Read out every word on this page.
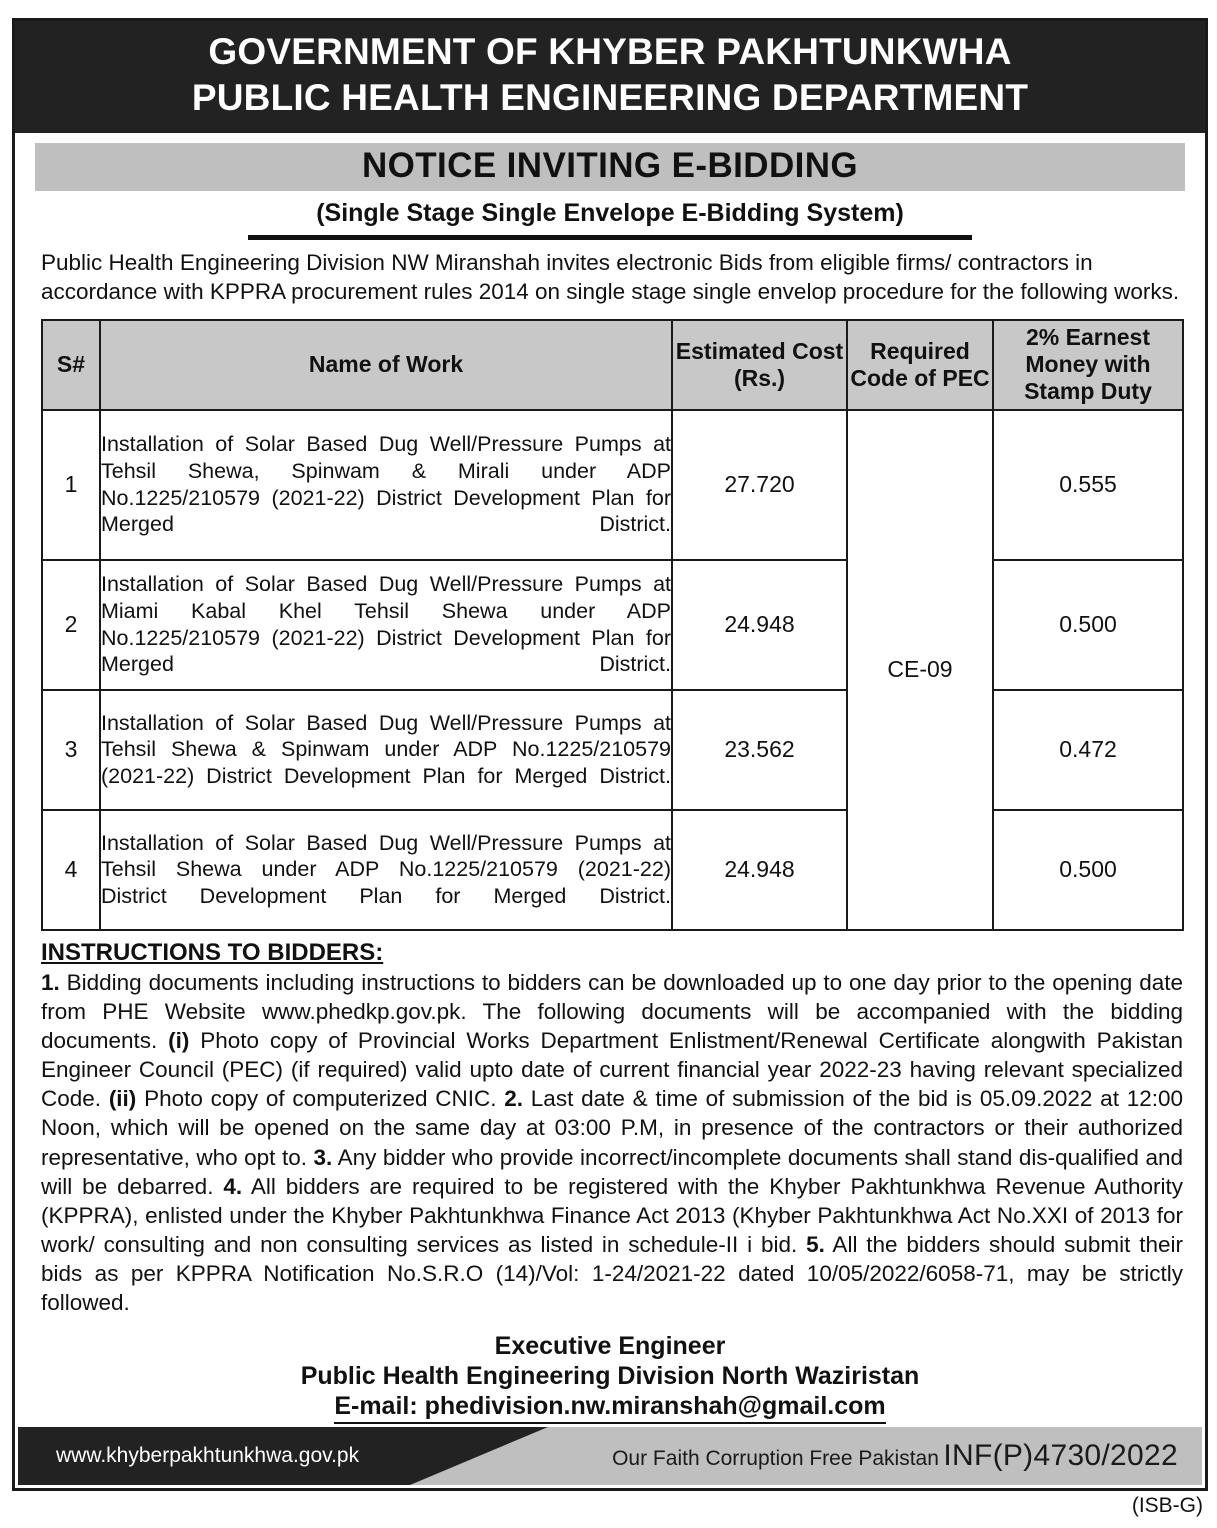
GOVERNMENT OF KHYBER PAKHTUNKWHA
PUBLIC HEALTH ENGINEERING DEPARTMENT
NOTICE INVITING E-BIDDING
(Single Stage Single Envelope E-Bidding System)
Public Health Engineering Division NW Miranshah invites electronic Bids from eligible firms/ contractors in accordance with KPPRA procurement rules 2014 on single stage single envelop procedure for the following works.
S#	Name of Work	Estimated Cost (Rs.)	Required Code of PEC	2% Earnest Money with Stamp Duty
1	Installation of Solar Based Dug Well/Pressure Pumps at Tehsil Shewa, Spinwam & Mirali under ADP No.1225/210579 (2021-22) District Development Plan for Merged District.	27.720	CE-09	0.555
2	Installation of Solar Based Dug Well/Pressure Pumps at Miami Kabal Khel Tehsil Shewa under ADP No.1225/210579 (2021-22) District Development Plan for Merged District.	24.948		0.500
3	Installation of Solar Based Dug Well/Pressure Pumps at Tehsil Shewa & Spinwam under ADP No.1225/210579 (2021-22) District Development Plan for Merged District.	23.562		0.472
4	Installation of Solar Based Dug Well/Pressure Pumps at Tehsil Shewa under ADP No.1225/210579 (2021-22) District Development Plan for Merged District.	24.948		0.500
INSTRUCTIONS TO BIDDERS:
1. Bidding documents including instructions to bidders can be downloaded up to one day prior to the opening date from PHE Website www.phedkp.gov.pk. The following documents will be accompanied with the bidding documents. (i) Photo copy of Provincial Works Department Enlistment/Renewal Certificate alongwith Pakistan Engineer Council (PEC) (if required) valid upto date of current financial year 2022-23 having relevant specialized Code. (ii) Photo copy of computerized CNIC. 2. Last date & time of submission of the bid is 05.09.2022 at 12:00 Noon, which will be opened on the same day at 03:00 P.M, in presence of the contractors or their authorized representative, who opt to. 3. Any bidder who provide incorrect/incomplete documents shall stand dis-qualified and will be debarred. 4. All bidders are required to be registered with the Khyber Pakhtunkhwa Revenue Authority (KPPRA), enlisted under the Khyber Pakhtunkhwa Finance Act 2013 (Khyber Pakhtunkhwa Act No.XXI of 2013 for work/ consulting and non consulting services as listed in schedule-II i bid. 5. All the bidders should submit their bids as per KPPRA Notification No.S.R.O (14)/Vol: 1-24/2021-22 dated 10/05/2022/6058-71, may be strictly followed.
Executive Engineer
Public Health Engineering Division North Waziristan
E-mail: phedivision.nw.miranshah@gmail.com
www.khyberpakhtunkhwa.gov.pk	Our Faith Corruption Free Pakistan INF(P)4730/2022
(ISB-G)
